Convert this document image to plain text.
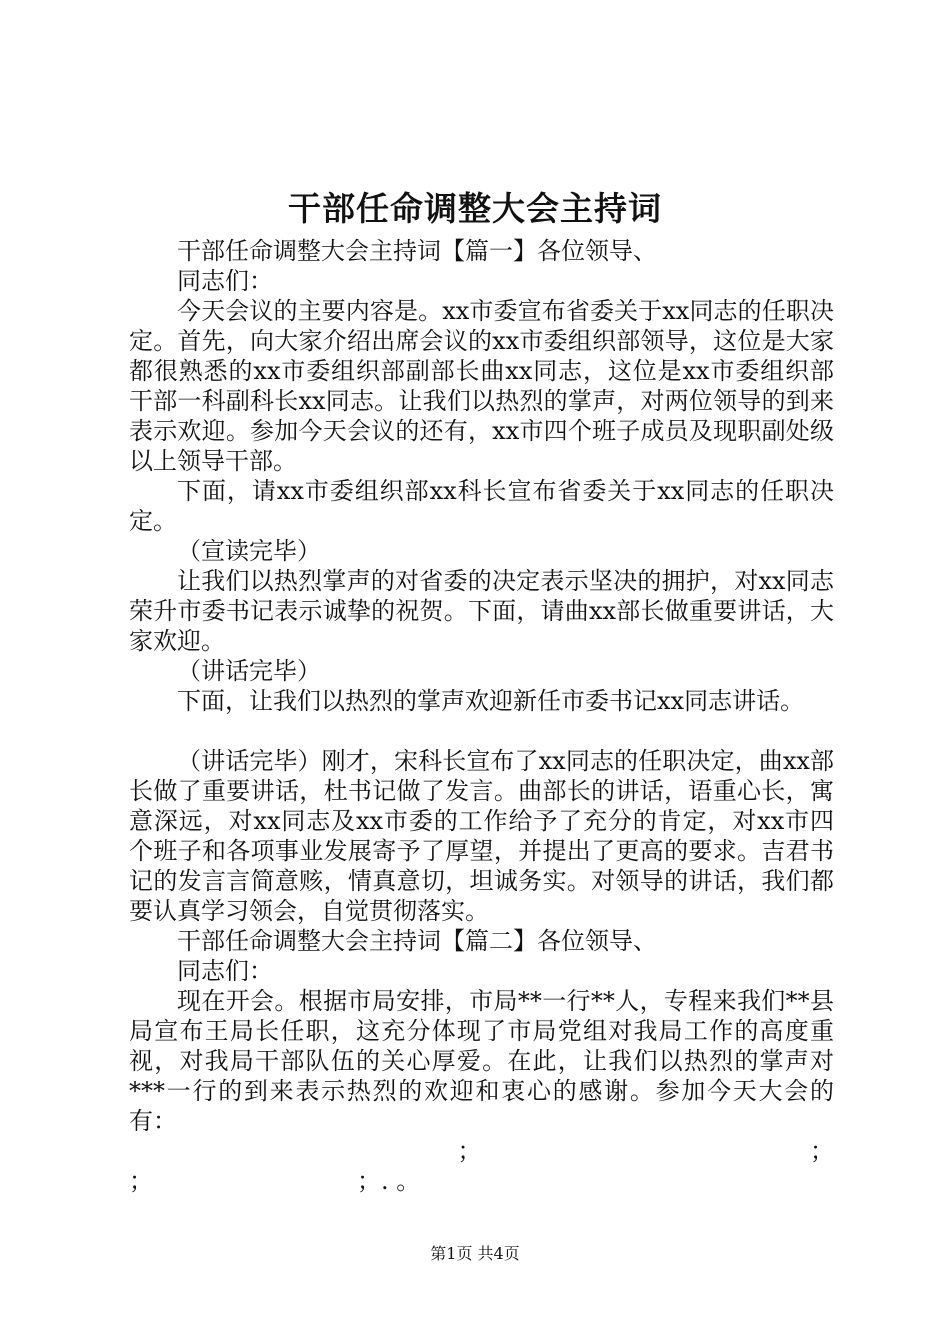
干部任命调整大会主持词

干部任命调整大会主持词【篇一】各位领导、

同志们：

今天会议的主要内容是。xx市委宣布省委关于xx同志的任职决定。首先，向大家介绍出席会议的xx市委组织部领导，这位是大家都很熟悉的xx市委组织部副部长曲xx同志，这位是xx市委组织部干部一科副科长xx同志。让我们以热烈的掌声，对两位领导的到来表示欢迎。参加今天会议的还有，xx市四个班子成员及现职副处级以上领导干部。

下面，请xx市委组织部xx科长宣布省委关于xx同志的任职决定。

（宣读完毕）

让我们以热烈掌声的对省委的决定表示坚决的拥护，对xx同志荣升市委书记表示诚挚的祝贺。下面，请曲xx部长做重要讲话，大家欢迎。

（讲话完毕）

下面，让我们以热烈的掌声欢迎新任市委书记xx同志讲话。

（讲话完毕）刚才，宋科长宣布了xx同志的任职决定，曲xx部长做了重要讲话，杜书记做了发言。曲部长的讲话，语重心长，寓意深远，对xx同志及xx市委的工作给予了充分的肯定，对xx市四个班子和各项事业发展寄予了厚望，并提出了更高的要求。吉君书记的发言言简意赅，情真意切，坦诚务实。对领导的讲话，我们都要认真学习领会，自觉贯彻落实。

干部任命调整大会主持词【篇二】各位领导、

同志们：

现在开会。根据市局安排，市局**一行**人，专程来我们**县局宣布王局长任职，这充分体现了市局党组对我局工作的高度重视，对我局干部队伍的关心厚爱。在此，让我们以热烈的掌声对***一行的到来表示热烈的欢迎和衷心的感谢。参加今天大会的有：

；	；
；	；. 。
第1页 共4页
